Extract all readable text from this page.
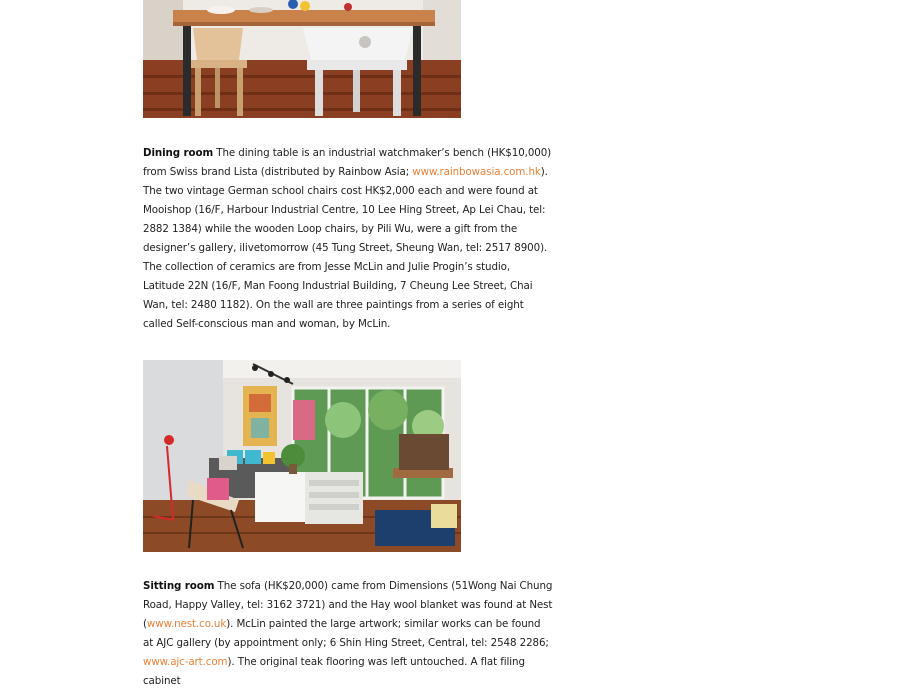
Dining room The dining table is an industrial watchmaker’s bench (HK$10,000) from Swiss brand Lista (distributed by Rainbow Asia; www.rainbowasia.com.hk). The two vintage German school chairs cost HK$2,000 each and were found at Mooishop (16/F, Harbour Industrial Centre, 10 Lee Hing Street, Ap Lei Chau, tel: 2882 1384) while the wooden Loop chairs, by Pili Wu, were a gift from the designer’s gallery, ilivetomorrow (45 Tung Street, Sheung Wan, tel: 2517 8900). The collection of ceramics are from Jesse McLin and Julie Progin’s studio, Latitude 22N (16/F, Man Foong Industrial Building, 7 Cheung Lee Street, Chai Wan, tel: 2480 1182). On the wall are three paintings from a series of eight called Self-conscious man and woman, by McLin.

Sitting room The sofa (HK$20,000) came from Dimensions (51Wong Nai Chung Road, Happy Valley, tel: 3162 3721) and the Hay wool blanket was found at Nest (www.nest.co.uk). McLin painted the large artwork; similar works can be found at AJC gallery (by appointment only; 6 Shin Hing Street, Central, tel: 2548 2286; www.ajc-art.com). The original teak flooring was left untouched. A flat filing cabinet
